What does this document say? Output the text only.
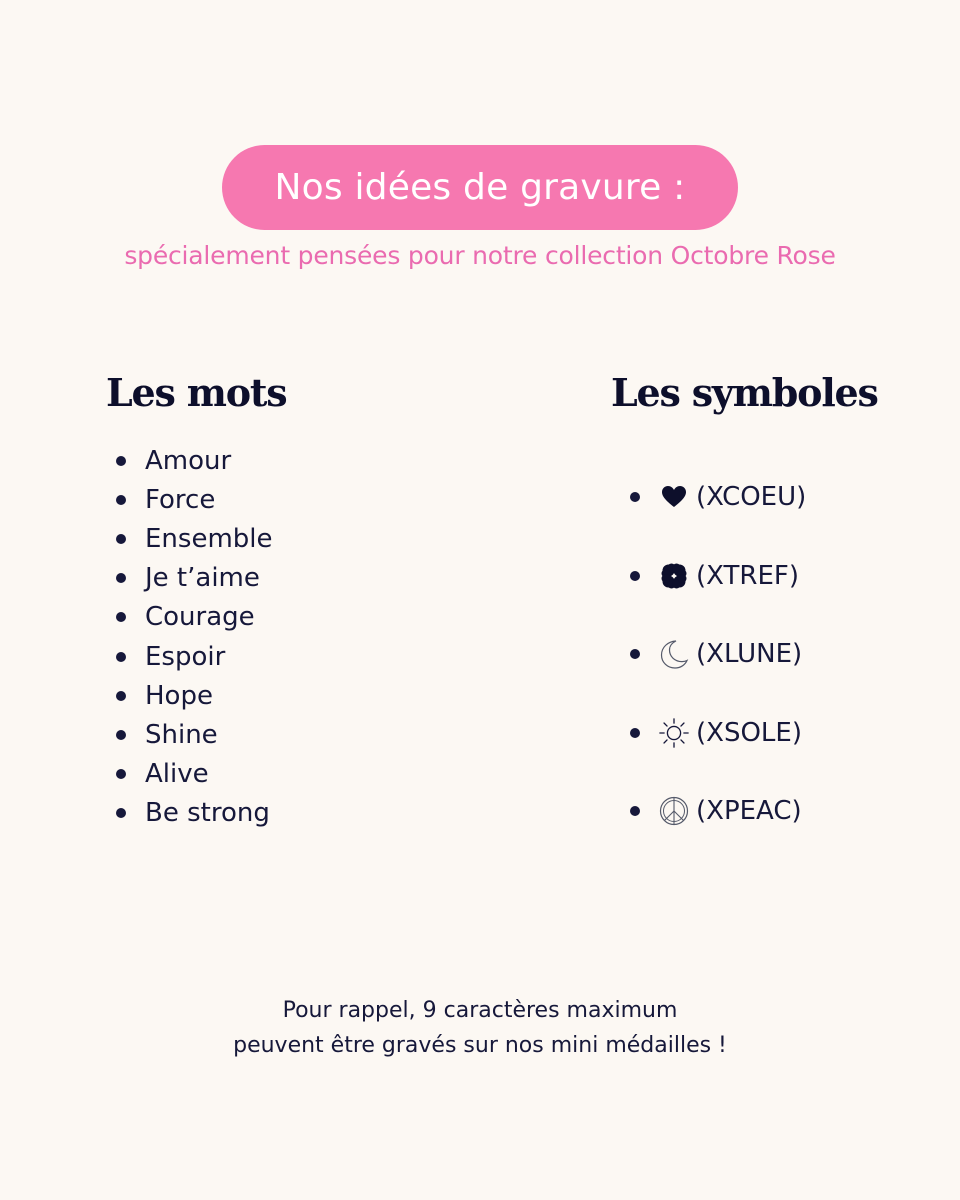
Nos idées de gravure :
spécialement pensées pour notre collection Octobre Rose
Les mots	Les symboles
Amour
Force
Ensemble
Je t’aime
Courage
Espoir
Hope
Shine
Alive
Be strong
(XCOEU)
(XTREF)
(XLUNE)
(XSOLE)
(XPEAC)
Pour rappel, 9 caractères maximum
peuvent être gravés sur nos mini médailles !
